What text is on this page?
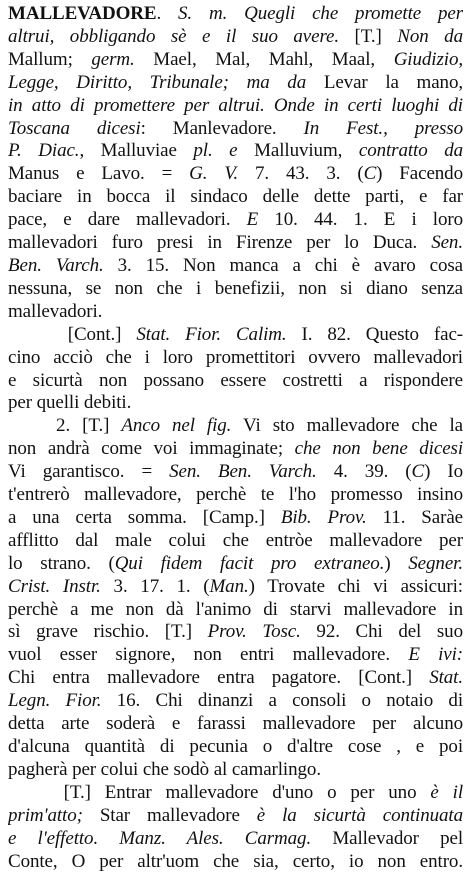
MALLEVADORE. S. m. Quegli che promette per
altrui, obbligando sè e il suo avere. [T.] Non da
Mallum; germ. Mael, Mal, Mahl, Maal, Giudizio,
Legge, Diritto, Tribunale; ma da Levar la mano,
in atto di promettere per altrui. Onde in certi luoghi di
Toscana dicesi: Manlevadore. In Fest., presso
P. Diac., Malluviae pl. e Malluvium, contratto da
Manus e Lavo. = G. V. 7. 43. 3. (C) Facendo
baciare in bocca il sindaco delle dette parti, e far
pace, e dare mallevadori. E 10. 44. 1. E i loro
mallevadori furo presi in Firenze per lo Duca. Sen.
Ben. Varch. 3. 15. Non manca a chi è avaro cosa
nessuna, se non che i benefizii, non si diano senza
mallevadori.
[Cont.] Stat. Fior. Calim. I. 82. Questo fac-
cino acciò che i loro promettitori ovvero mallevadori
e sicurtà non possano essere costretti a rispondere
per quelli debiti.
2. [T.] Anco nel fig. Vi sto mallevadore che la
non andrà come voi immaginate; che non bene dicesi
Vi garantisco. = Sen. Ben. Varch. 4. 39. (C) Io
t'entrerò mallevadore, perchè te l'ho promesso insino
a una certa somma. [Camp.] Bib. Prov. 11. Saràe
afflitto dal male colui che entròe mallevadore per
lo strano. (Qui fidem facit pro extraneo.) Segner.
Crist. Instr. 3. 17. 1. (Man.) Trovate chi vi assicuri:
perchè a me non dà l'animo di starvi mallevadore in
sì grave rischio. [T.] Prov. Tosc. 92. Chi del suo
vuol esser signore, non entri mallevadore. E ivi:
Chi entra mallevadore entra pagatore. [Cont.] Stat.
Legn. Fior. 16. Chi dinanzi a consoli o notaio di
detta arte soderà e farassi mallevadore per alcuno
d'alcuna quantità di pecunia o d'altre cose , e poi
pagherà per colui che sodò al camarlingo.
[T.] Entrar mallevadore d'uno o per uno è il
prim'atto; Star mallevadore è la sicurtà continuata
e l'effetto. Manz. Ales. Carmag. Mallevador pel
Conte, O per altr'uom che sia, certo, io non entro.
